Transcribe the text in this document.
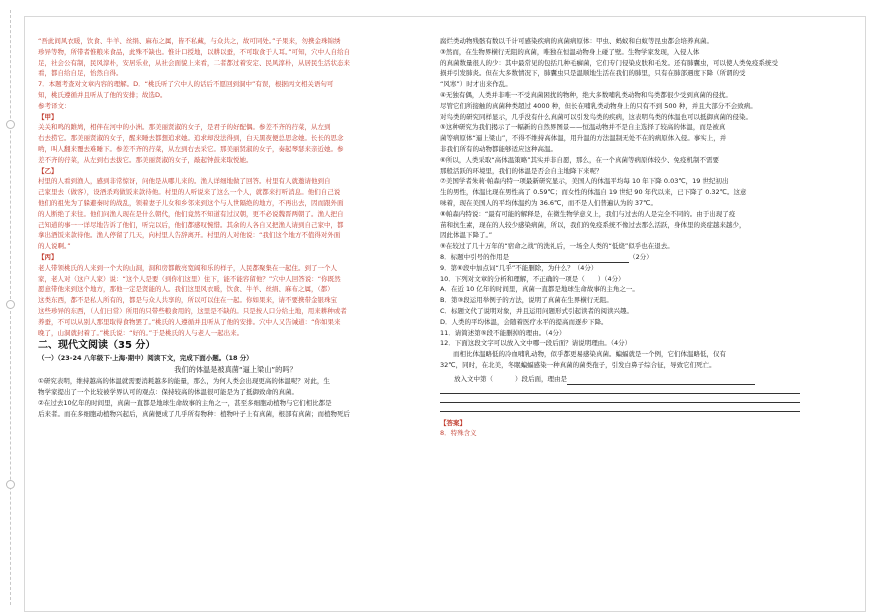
“吾此间风衣暖，饮食、牛羊、丝绢、麻布之属，皆不私藏，与众共之，故可同处。”子果来，勿携金珠锦绣

珍异等物，所带者惟粮米食品，此殊不缺也。惟计口授地，以耕以蚕，不可取食于人耳。”可知，穴中人自给自

足，社会公有制，民风淳朴，安居乐业，从社会面貌上来看，二者都过着安定、民风淳朴，从居民生活状态来

看，都自给自足，怡然自得。

7．本题考查对文章内容的理解。D．“桃氏听了穴中人的话后不愿回到洞中”有误，根据丙文相关语句可

知，桃氏遵循并且听从了他的安排；故选D。

参考译文：

【甲】

关关和鸣的雎鸠，相伴在河中的小洲。那美丽贤淑的女子，是君子的好配偶。参差不齐的荇菜，从左到

右去捞它。那美丽贤淑的女子，醒来睡去都想追求她。追求却没法得到，白天黑夜便总思念她。长长的思念

哟，叫人翻来覆去难睡下。参差不齐的荇菜，从左到右去采它。那美丽贤淑的女子，奏起琴瑟来亲近她。参

差不齐的荇菜，从左到右去拔它。那美丽贤淑的女子，敲起钟鼓来取悦她。

【乙】

村里的人看到渔人，感到非常惊讶，问他是从哪儿来的。渔人详细地做了回答。村里有人就邀请他到自

己家里去（做客），设酒杀鸡做饭来款待他。村里的人听说来了这么一个人，就都来打听消息。他们自己说

他们的祖先为了躲避秦时的战乱，领着妻子儿女和乡邻来到这个与人世隔绝的地方，不再出去，因而跟外面

的人断绝了来往。他们问渔人现在是什么朝代，他们竟然不知道有过汉朝，更不必说魏晋两朝了。渔人把自

己知道的事一一详尽地告诉了他们，听完以后，他们都感叹惋惜。其余的人各自又把渔人请到自己家中，都

拿出酒饭来款待他。渔人停留了几天，向村里人告辞离开。村里的人对他说：“我们这个地方不值得对外面

的人说啊。”

【丙】

老人带领桃氏的人来到一个大的山洞，洞和房都敞亮宽阔和乐的样子，人民都聚集在一起住。到了一个人

家，老人对（这户人家）说：“这个人是要（到你们这里）住下，能不能容留他？”穴中人回答说：“你既然

愿意带他来到这个地方，那他一定是贤能的人。我们这里风衣暖，饮食、牛羊、丝绢、麻布之属，（都）

这类东西，都不是私人所有的，都是与众人共享的，所以可以住在一起。你如果来，请不要携带金银珠宝

这些珍异的东西，（人们日常）所用的只带些粮食用的，这里是不缺的。只是按人口分给土地，用来耕种或者

养蚕，不可以从别人那里取得食物罢了。”桃氏的人遵循并且听从了他的安排。穴中人又告诫道：“你如果来

晚了，山洞就封着了。”桃氏说：“好的。”于是桃氏的人与老人一起出来。

二、现代文阅读（35 分）

（一）（23-24 八年级下·上海·期中）阅读下文，完成下面小题。（18 分）

我们的体温是被真菌“逼上梁山”的吗？

①研究表明，维持越高的体温就需要消耗越多的能量，那么，为何人类会出现更高的体温呢？对此，生

物学家提出了一个比较被学界认可的观点：保持较高的体温很可能是为了抵御致命的真菌。

②在过去10亿年的时间里，真菌一直都是地球生命故事的主角之一，甚至多细胞动植物与它们相比都是

后来者。而在多细胞动植物兴起后，真菌便成了几乎所有物种：植物叶子上有真菌，根部有真菌；而植物死后

腐烂类动物残骸有数以千计可感染疾病的真菌病原体：甲虫、蚂蚁和白蚁等昆虫都会培养真菌。

③然而，在生物界横行无阻的真菌，唯独在恒温动物身上碰了壁。生物学家发现，入侵人体

的真菌数量很人的少：其中最常见的包括几种毛癣菌，它们专门侵染皮肤和毛发。还有肺囊虫，可以使人类免疫系统受

损并引发肺炎。但在大多数情况下，肺囊虫只是温顺地生活在我们的肺里，只有在肺部遇度下降（所谓的受

“风寒”）时才出来作乱。

④无独有偶，人类并非唯一不受真菌困扰的物种，绝大多数哺乳类动物和鸟类都很少受到真菌的侵扰。

尽管它们所接触的真菌种类超过 4000 种，但长在哺乳类动物身上的只有不到 500 种，并且大部分不会致病。

对鸟类的研究同样显示，几乎没有什么真菌可以引发鸟类的疾病，这表明鸟类的体温也可以抵御真菌的侵染。

⑤这种研究为我们揭示了一幅新的自然界图景——恒温动物并不是自主选择了较高的体温，而是被真

菌等病原体“逼上梁山”，不得不维持高体温，用升温的方法温制无处不在的病原体入侵。事实上，并

非我们所有的动物都能够适应这种高温。

⑥所以，人类采取“高体温策略”其实并非自愿，那么，在一个真菌等病原体较少、免疫机制不需要

那般活跃的环境里，我们的体温是否会自主地降下来呢？

⑦美国学者朱莉·帕森内特一项最新研究显示，美国人的体温平均每 10 年下降 0.03℃，19 世纪初出

生的男性，体温比现在男性高了 0.59℃；而女性的体温自 19 世纪 90 年代以来，已下降了 0.32℃。这意

味着，现在美国人的平均体温约为 36.6℃，而不是人们普遍认为的 37℃。

⑧帕森内特说：“最有可能的解释是，在微生物学意义上，我们与过去的人是完全不同的。由于出现了疫

苗和抗生素，现在的人较少感染病菌，所以，我们的免疫系统不像过去那么活跃，身体里的炎症越来越少，

因此体温下降了。”

⑨在较过了几十万年的“宿命之战”的洗礼后，一场全人类的“低烧”似乎也在退去。

8．标题中引号的作用是	（2分）

9．第⑥段中加点词“几乎”不能删除，为什么？（4分）

10．下列对文章的分析和理解，不正确的一项是（　　）（4分）

A．在近 10 亿年的时间里，真菌一直都是地球生命故事的主角之一。

B．第③段运用举例子的方法，说明了真菌在生界横行无阻。

C．标题文代了说明对象，并且运用问题形式引起读者的阅读兴趣。

D．人类的平均体温，会随着医疗水平的提高而逐步下降。

11．请简述第⑤段不能删掉的理由。（4分）

12．下面这段文字可以放入文中哪一段后面？请说明理由。（4分）

而相比体温略低的冷血哺乳动物，似乎都更易感染真菌。蝙蝠就是一个例，它们体温略低，仅有

32℃，同时，在北美，冬眠蝙蝠感染一种真菌的菌类孢子，引发白鼻子综合征，导致它们死亡。

放入文中第（	）段后面，理由是

【答案】

8．特殊含义
